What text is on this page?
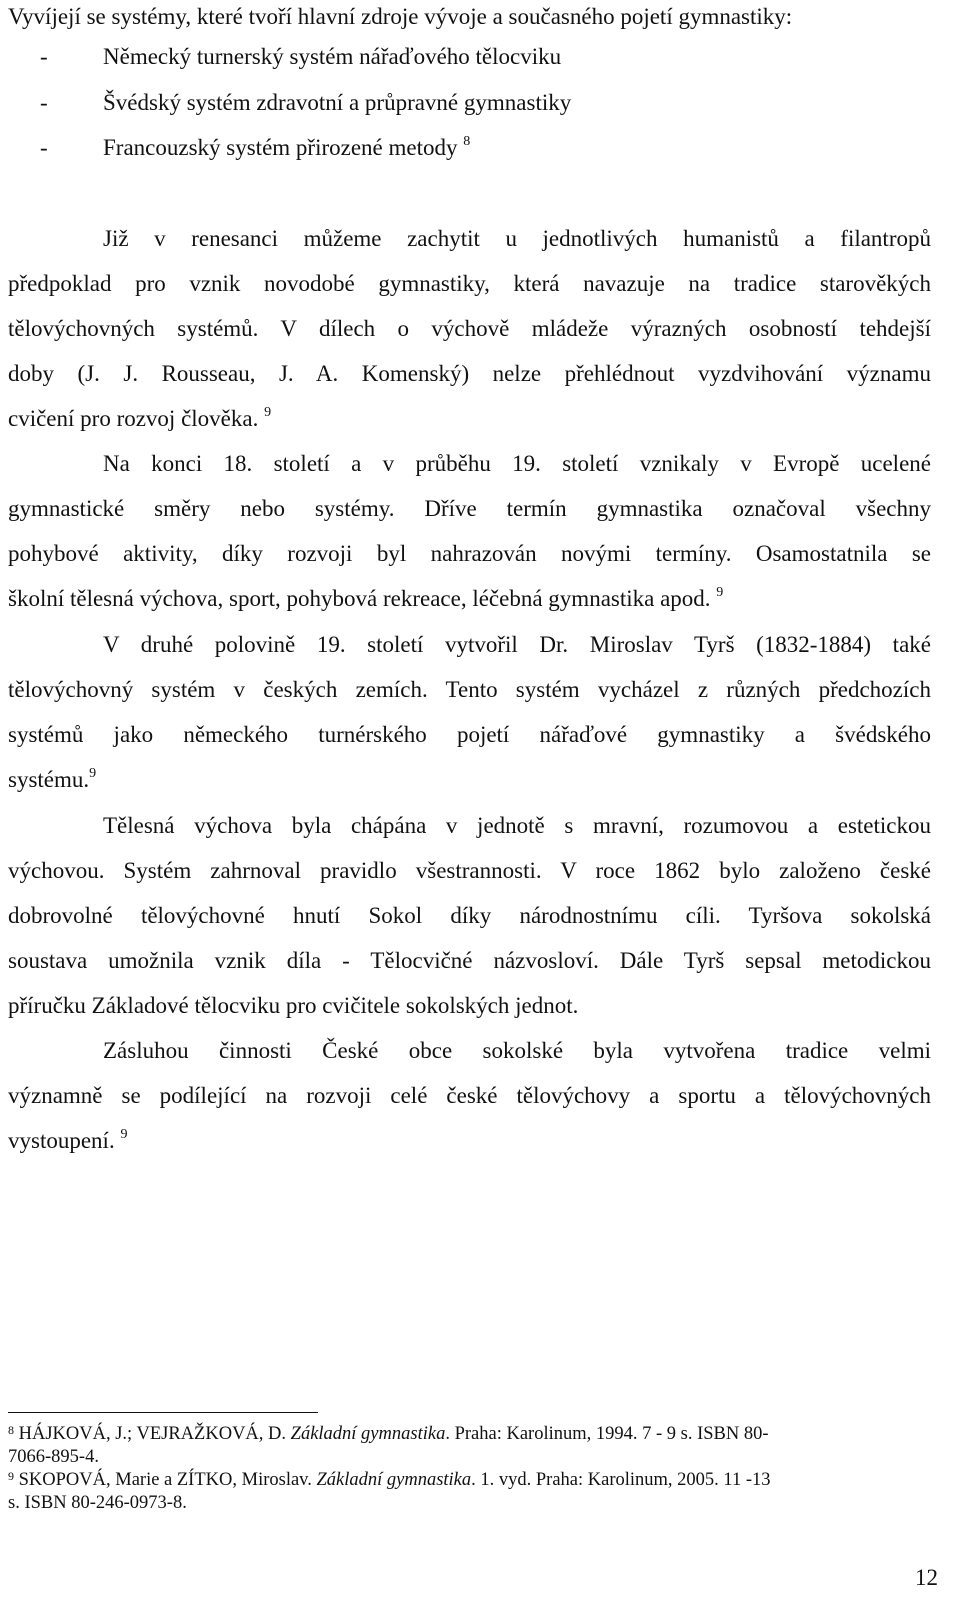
Vyvíjejí se systémy, které tvoří hlavní zdroje vývoje a současného pojetí gymnastiky:
- Německý turnerský systém nářaďového tělocviku
- Švédský systém zdravotní a průpravné gymnastiky
- Francouzský systém přirozené metody $^8$
Již v renesanci můžeme zachytit u jednotlivých humanistů a filantropů
předpoklad pro vznik novodobé gymnastiky, která navazuje na tradice starověkých
tělovýchovných systémů. V dílech o výchově mládeže výrazných osobností tehdejší
doby (J. J. Rousseau, J. A. Komenský) nelze přehlédnout vyzdvihování významu
cvičení pro rozvoj člověka. $^9$
Na konci 18. století a v průběhu 19. století vznikaly v Evropě ucelené
gymnastické směry nebo systémy. Dříve termín gymnastika označoval všechny
pohybové aktivity, díky rozvoji byl nahrazován novými termíny. Osamostatnila se
školní tělesná výchova, sport, pohybová rekreace, léčebná gymnastika apod. $^9$
V druhé polovině 19. století vytvořil Dr. Miroslav Tyrš (1832-1884) také
tělovýchovný systém v českých zemích. Tento systém vycházel z různých předchozích
systémů jako německého turnérského pojetí nářaďové gymnastiky a švédského
systému.$^9$
Tělesná výchova byla chápána v jednotě s mravní, rozumovou a estetickou
výchovou. Systém zahrnoval pravidlo všestrannosti. V roce 1862 bylo založeno české
dobrovolné tělovýchovné hnutí Sokol díky národnostnímu cíli. Tyršova sokolská
soustava umožnila vznik díla - Tělocvičné názvosloví. Dále Tyrš sepsal metodickou
příručku Základové tělocviku pro cvičitele sokolských jednot.
Zásluhou činnosti České obce sokolské byla vytvořena tradice velmi
významně se podílející na rozvoji celé české tělovýchovy a sportu a tělovýchovných
vystoupení. $^9$
$^8$ HÁJKOVÁ, J.; VEJRAŽKOVÁ, D. Základní gymnastika. Praha: Karolinum, 1994. 7 - 9 s. ISBN 80-
7066-895-4.
$^9$ SKOPOVÁ, Marie a ZÍTKO, Miroslav. Základní gymnastika. 1. vyd. Praha: Karolinum, 2005. 11 -13
s. ISBN 80-246-0973-8.
12
